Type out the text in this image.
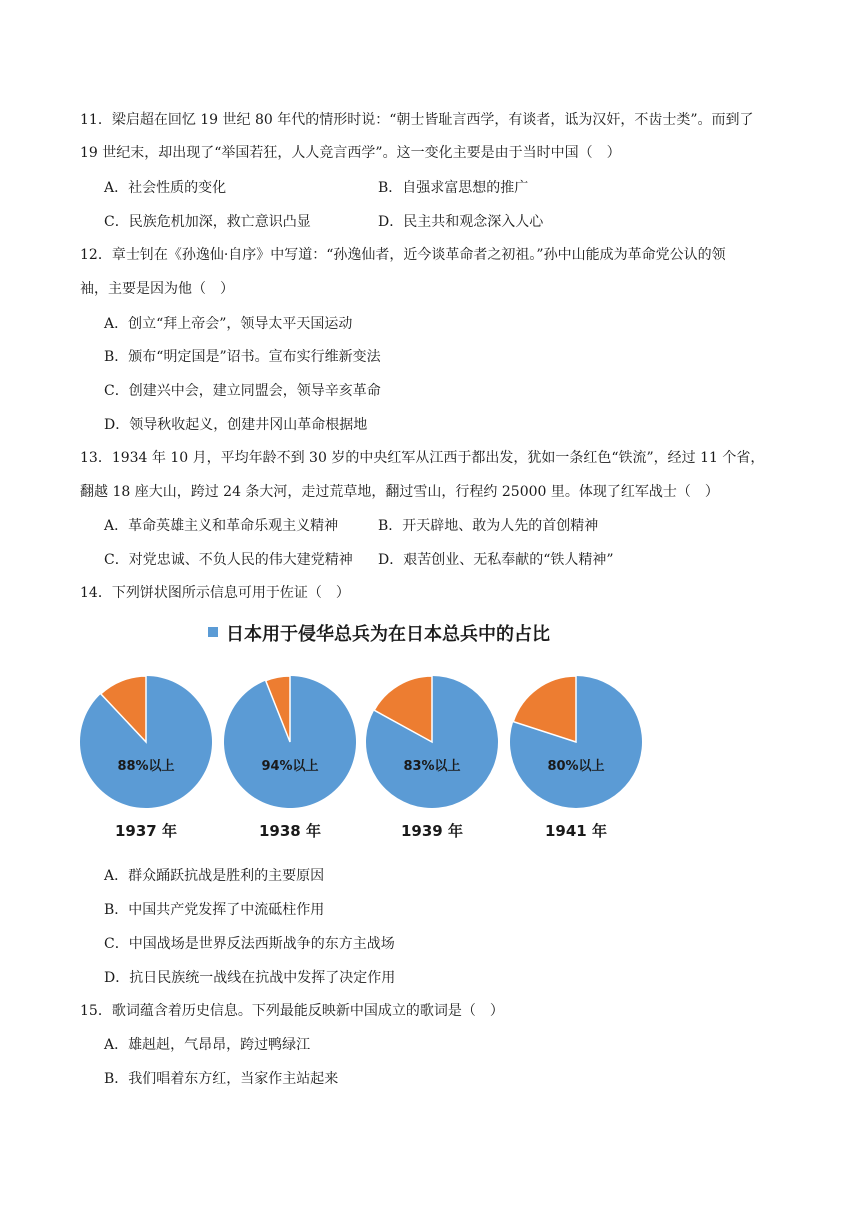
11．梁启超在回忆 19 世纪 80 年代的情形时说：“朝士皆耻言西学，有谈者，诋为汉奸，不齿士类”。而到了
19 世纪末，却出现了“举国若狂，人人竞言西学”。这一变化主要是由于当时中国（　）
A．社会性质的变化	B．自强求富思想的推广
C．民族危机加深，救亡意识凸显	D．民主共和观念深入人心
12．章士钊在《孙逸仙·自序》中写道：“孙逸仙者，近今谈革命者之初祖。”孙中山能成为革命党公认的领
袖，主要是因为他（　）
A．创立“拜上帝会”，领导太平天国运动
B．颁布“明定国是”诏书。宣布实行维新变法
C．创建兴中会，建立同盟会，领导辛亥革命
D．领导秋收起义，创建井冈山革命根据地
13．1934 年 10 月，平均年龄不到 30 岁的中央红军从江西于都出发，犹如一条红色“铁流”，经过 11 个省，
翻越 18 座大山，跨过 24 条大河，走过荒草地，翻过雪山，行程约 25000 里。体现了红军战士（　）
A．革命英雄主义和革命乐观主义精神	B．开天辟地、敢为人先的首创精神
C．对党忠诚、不负人民的伟大建党精神 D．艰苦创业、无私奉献的“铁人精神”
14．下列饼状图所示信息可用于佐证（　）
日本用于侵华总兵为在日本总兵中的占比
88%以上
1937 年
94%以上
1938 年
83%以上
1939 年
80%以上
1941 年
A．群众踊跃抗战是胜利的主要原因
B．中国共产党发挥了中流砥柱作用
C．中国战场是世界反法西斯战争的东方主战场
D．抗日民族统一战线在抗战中发挥了决定作用
15．歌词蕴含着历史信息。下列最能反映新中国成立的歌词是（　）
A．雄赳赳，气昂昂，跨过鸭绿江
B．我们唱着东方红，当家作主站起来
